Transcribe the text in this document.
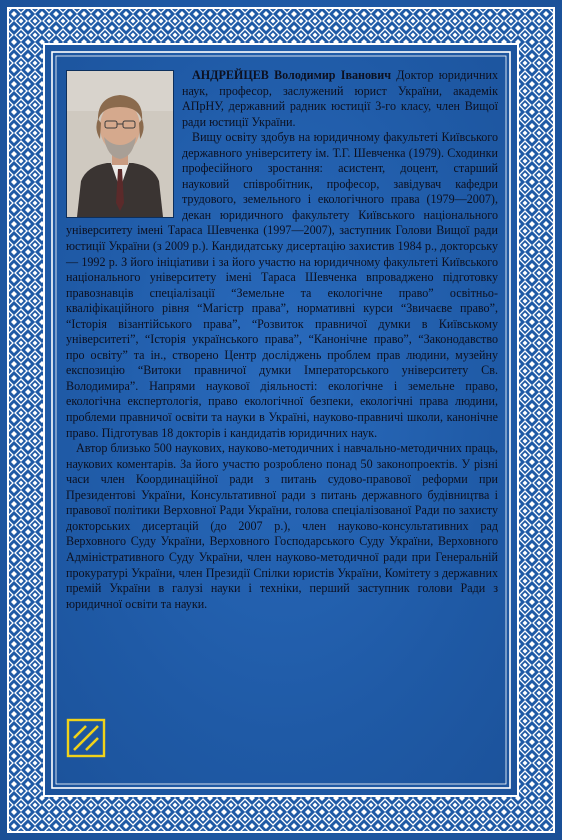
АНДРЕЙЦЕВ Володимир Іванович Доктор юридичних наук, професор, заслужений юрист України, академік АПрНУ, державний радник юстиції 3-го класу, член Вищої ради юстиції України.

Вищу освіту здобув на юридичному факультеті Київського державного університету ім. Т.Г. Шевченка (1979). Сходинки професійного зростання: асистент, доцент, старший науковий співробітник, професор, завідувач кафедри трудового, земельного і екологічного права (1979—2007), декан юридичного факультету Київського національного університету імені Тараса Шевченка (1997—2007), заступник Голови Вищої ради юстиції України (з 2009 р.). Кандидатську дисертацію захистив 1984 р., докторську — 1992 р. З його ініціативи і за його участю на юридичному факультеті Київського національного університету імені Тараса Шевченка впроваджено підготовку правознавців спеціалізації “Земельне та екологічне право” освітньо-кваліфікаційного рівня “Магістр права”, нормативні курси “Звичаєве право”, “Історія візантійського права”, “Розвиток правничої думки в Київському університеті”, “Історія українського права”, “Канонічне право”, “Законодавство про освіту” та ін., створено Центр досліджень проблем прав людини, музейну експозицію “Витоки правничої думки Імператорського університету Св. Володимира”. Напрями наукової діяльності: екологічне і земельне право, екологічна експертологія, право екологічної безпеки, екологічні права людини, проблеми правничої освіти та науки в Україні, науково-правничі школи, канонічне право. Підготував 18 докторів і кандидатів юридичних наук.

Автор близько 500 наукових, науково-методичних і навчально-методичних праць, наукових коментарів. За його участю розроблено понад 50 законопроектів. У різні часи член Координаційної ради з питань судово-правової реформи при Президентові України, Консультативної ради з питань державного будівництва і правової політики Верховної Ради України, голова спеціалізованої Ради по захисту докторських дисертацій (до 2007 р.), член науково-консультативних рад Верховного Суду України, Верховного Господарського Суду України, Верховного Адміністративного Суду України, член науково-методичної ради при Генеральній прокуратурі України, член Президії Спілки юристів України, Комітету з державних премій України в галузі науки і техніки, перший заступник голови Ради з юридичної освіти та науки.
